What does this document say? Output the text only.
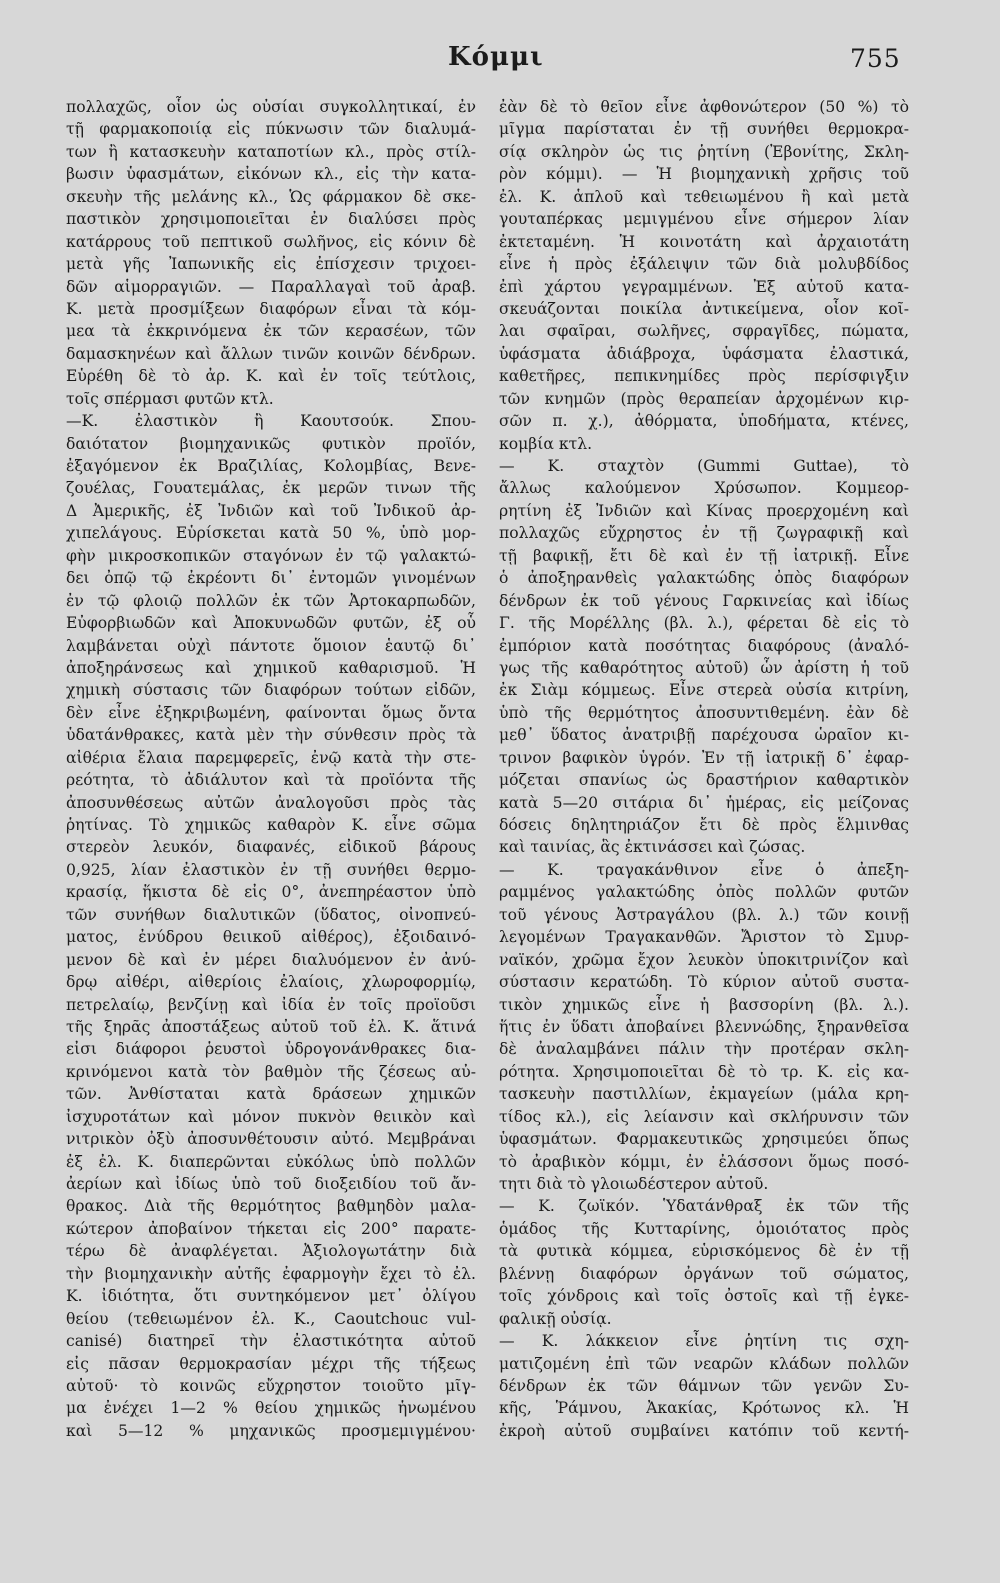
Κόμμι	755
πολλαχῶς, οἷον ὡς οὐσίαι συγκολλητικαί, ἐν
τῇ φαρμακοποιίᾳ εἰς πύκνωσιν τῶν διαλυμά-
των ἢ κατασκευὴν καταποτίων κλ., πρὸς στίλ-
βωσιν ὑφασμάτων, εἰκόνων κλ., εἰς τὴν κατα-
σκευὴν τῆς μελάνης κλ., Ὡς φάρμακον δὲ σκε-
παστικὸν χρησιμοποιεῖται ἐν διαλύσει πρὸς
κατάρρους τοῦ πεπτικοῦ σωλῆνος, εἰς κόνιν δὲ
μετὰ γῆς Ἰαπωνικῆς εἰς ἐπίσχεσιν τριχοει-
δῶν αἱμορραγιῶν. — Παραλλαγαὶ τοῦ ἀραβ.
Κ. μετὰ προσμίξεων διαφόρων εἶναι τὰ κόμ-
μεα τὰ ἐκκρινόμενα ἐκ τῶν κερασέων, τῶν
δαμασκηνέων καὶ ἄλλων τινῶν κοινῶν δένδρων.
Εὑρέθη δὲ τὸ ἀρ. Κ. καὶ ἐν τοῖς τεύτλοις,
τοῖς σπέρμασι φυτῶν κτλ.
—Κ. ἐλαστικὸν ἢ Καουτσούκ. Σπου-
δαιότατον βιομηχανικῶς φυτικὸν προϊόν,
ἐξαγόμενον ἐκ Βραζιλίας, Κολομβίας, Βενε-
ζουέλας, Γουατεμάλας, ἐκ μερῶν τινων τῆς
Δ Ἀμερικῆς, ἐξ Ἰνδιῶν καὶ τοῦ Ἰνδικοῦ ἀρ-
χιπελάγους. Εὑρίσκεται κατὰ 50 %, ὑπὸ μορ-
φὴν μικροσκοπικῶν σταγόνων ἐν τῷ γαλακτώ-
δει ὀπῷ τῷ ἐκρέοντι δι᾽ ἐντομῶν γινομένων
ἐν τῷ φλοιῷ πολλῶν ἐκ τῶν Ἀρτοκαρπωδῶν,
Εὐφορβιωδῶν καὶ Ἀποκυνωδῶν φυτῶν, ἐξ οὗ
λαμβάνεται οὐχὶ πάντοτε ὅμοιον ἑαυτῷ δι᾽
ἀποξηράνσεως καὶ χημικοῦ καθαρισμοῦ. Ἡ
χημικὴ σύστασις τῶν διαφόρων τούτων εἰδῶν,
δὲν εἶνε ἐξηκριβωμένη, φαίνονται ὅμως ὄντα
ὑδατάνθρακες, κατὰ μὲν τὴν σύνθεσιν πρὸς τὰ
αἰθέρια ἔλαια παρεμφερεῖς, ἐνῷ κατὰ τὴν στε-
ρεότητα, τὸ ἀδιάλυτον καὶ τὰ προϊόντα τῆς
ἀποσυνθέσεως αὐτῶν ἀναλογοῦσι πρὸς τὰς
ῥητίνας. Τὸ χημικῶς καθαρὸν Κ. εἶνε σῶμα
στερεὸν λευκόν, διαφανές, εἰδικοῦ βάρους
0,925, λίαν ἐλαστικὸν ἐν τῇ συνήθει θερμο-
κρασίᾳ, ἥκιστα δὲ εἰς 0°, ἀνεπηρέαστον ὑπὸ
τῶν συνήθων διαλυτικῶν (ὕδατος, οἰνοπνεύ-
ματος, ἐνύδρου θειικοῦ αἰθέρος), ἐξοιδαινό-
μενον δὲ καὶ ἐν μέρει διαλυόμενον ἐν ἀνύ-
δρῳ αἰθέρι, αἰθερίοις ἐλαίοις, χλωροφορμίῳ,
πετρελαίῳ, βενζίνῃ καὶ ἰδία ἐν τοῖς προϊοῦσι
τῆς ξηρᾶς ἀποστάξεως αὐτοῦ τοῦ ἐλ. Κ. ἅτινά
εἰσι διάφοροι ῥευστοὶ ὑδρογονάνθρακες δια-
κρινόμενοι κατὰ τὸν βαθμὸν τῆς ζέσεως αὐ-
τῶν. Ἀνθίσταται κατὰ δράσεων χημικῶν
ἰσχυροτάτων καὶ μόνον πυκνὸν θειικὸν καὶ
νιτρικὸν ὀξὺ ἀποσυνθέτουσιν αὐτό. Μεμβράναι
ἐξ ἐλ. Κ. διαπερῶνται εὐκόλως ὑπὸ πολλῶν
ἀερίων καὶ ἰδίως ὑπὸ τοῦ διοξειδίου τοῦ ἄν-
θρακος. Διὰ τῆς θερμότητος βαθμηδὸν μαλα-
κώτερον ἀποβαίνον τήκεται εἰς 200° παρατε-
τέρω δὲ ἀναφλέγεται. Ἀξιολογωτάτην διὰ
τὴν βιομηχανικὴν αὐτῆς ἐφαρμογὴν ἔχει τὸ ἐλ.
Κ. ἰδιότητα, ὅτι συντηκόμενον μετ᾽ ὀλίγου
θείου (τεθειωμένον ἐλ. Κ., Caoutchouc vul-
canisé) διατηρεῖ τὴν ἐλαστικότητα αὐτοῦ
εἰς πᾶσαν θερμοκρασίαν μέχρι τῆς τήξεως
αὐτοῦ· τὸ κοινῶς εὔχρηστον τοιοῦτο μῖγ-
μα ἐνέχει 1—2 % θείου χημικῶς ἡνωμένου
καὶ 5—12 % μηχανικῶς προσμεμιγμένου·
ἐὰν δὲ τὸ θεῖον εἶνε ἀφθονώτερον (50 %) τὸ
μῖγμα παρίσταται ἐν τῇ συνήθει θερμοκρα-
σίᾳ σκληρὸν ὡς τις ῥητίνη (Ἐβονίτης, Σκλη-
ρὸν κόμμι). — Ἡ βιομηχανικὴ χρῆσις τοῦ
ἐλ. Κ. ἁπλοῦ καὶ τεθειωμένου ἢ καὶ μετὰ
γουταπέρκας μεμιγμένου εἶνε σήμερον λίαν
ἐκτεταμένη. Ἡ κοινοτάτη καὶ ἀρχαιοτάτη
εἶνε ἡ πρὸς ἐξάλειψιν τῶν διὰ μολυβδίδος
ἐπὶ χάρτου γεγραμμένων. Ἐξ αὐτοῦ κατα-
σκευάζονται ποικίλα ἀντικείμενα, οἷον κοῖ-
λαι σφαῖραι, σωλῆνες, σφραγῖδες, πώματα,
ὑφάσματα ἀδιάβροχα, ὑφάσματα ἐλαστικά,
καθετῆρες, πεπικνημίδες πρὸς περίσφιγξιν
τῶν κνημῶν (πρὸς θεραπείαν ἀρχομένων κιρ-
σῶν π. χ.), ἀθόρματα, ὑποδήματα, κτένες,
κομβία κτλ.
— Κ. σταχτὸν (Gummi Guttae), τὸ
ἄλλως καλούμενον Χρύσωπον. Κομμεορ-
ρητίνη ἐξ Ἰνδιῶν καὶ Κίνας προερχομένη καὶ
πολλαχῶς εὔχρηστος ἐν τῇ ζωγραφικῇ καὶ
τῇ βαφικῇ, ἔτι δὲ καὶ ἐν τῇ ἰατρικῇ. Εἶνε
ὁ ἀποξηρανθεὶς γαλακτώδης ὀπὸς διαφόρων
δένδρων ἐκ τοῦ γένους Γαρκινείας καὶ ἰδίως
Γ. τῆς Μορέλλης (βλ. λ.), φέρεται δὲ εἰς τὸ
ἐμπόριον κατὰ ποσότητας διαφόρους (ἀναλό-
γως τῆς καθαρότητος αὐτοῦ) ὧν ἀρίστη ἡ τοῦ
ἐκ Σιὰμ κόμμεως. Εἶνε στερεὰ οὐσία κιτρίνη,
ὑπὸ τῆς θερμότητος ἀποσυντιθεμένη. ἐὰν δὲ
μεθ᾽ ὕδατος ἀνατριβῇ παρέχουσα ὡραῖον κι-
τρινον βαφικὸν ὑγρόν. Ἐν τῇ ἰατρικῇ δ᾽ ἐφαρ-
μόζεται σπανίως ὡς δραστήριον καθαρτικὸν
κατὰ 5—20 σιτάρια δι᾽ ἡμέρας, εἰς μείζονας
δόσεις δηλητηριάζον ἔτι δὲ πρὸς ἕλμινθας
καὶ ταινίας, ἃς ἐκτινάσσει καὶ ζώσας.
— Κ. τραγακάνθινον εἶνε ὁ ἀπεξη-
ραμμένος γαλακτώδης ὀπὸς πολλῶν φυτῶν
τοῦ γένους Ἀστραγάλου (βλ. λ.) τῶν κοινῇ
λεγομένων Τραγακανθῶν. Ἄριστον τὸ Σμυρ-
ναϊκόν, χρῶμα ἔχον λευκὸν ὑποκιτρινίζον καὶ
σύστασιν κερατώδη. Τὸ κύριον αὐτοῦ συστα-
τικὸν χημικῶς εἶνε ἡ βασσορίνη (βλ. λ.).
ἥτις ἐν ὕδατι ἀποβαίνει βλεννώδης, ξηρανθεῖσα
δὲ ἀναλαμβάνει πάλιν τὴν προτέραν σκλη-
ρότητα. Χρησιμοποιεῖται δὲ τὸ τρ. Κ. εἰς κα-
τασκευὴν παστιλλίων, ἐκμαγείων (μάλα κρη-
τίδος κλ.), εἰς λείανσιν καὶ σκλήρυνσιν τῶν
ὑφασμάτων. Φαρμακευτικῶς χρησιμεύει ὅπως
τὸ ἀραβικὸν κόμμι, ἐν ἐλάσσονι ὅμως ποσό-
τητι διὰ τὸ γλοιωδέστερον αὐτοῦ.
— Κ. ζωϊκόν. Ὑδατάνθραξ ἐκ τῶν τῆς
ὁμάδος τῆς Κυτταρίνης, ὁμοιότατος πρὸς
τὰ φυτικὰ κόμμεα, εὑρισκόμενος δὲ ἐν τῇ
βλέννῃ διαφόρων ὀργάνων τοῦ σώματος,
τοῖς χόνδροις καὶ τοῖς ὀστοῖς καὶ τῇ ἐγκε-
φαλικῇ οὐσίᾳ.
— Κ. λάκκειον εἶνε ῥητίνη τις σχη-
ματιζομένη ἐπὶ τῶν νεαρῶν κλάδων πολλῶν
δένδρων ἐκ τῶν θάμνων τῶν γενῶν Συ-
κῆς, Ῥάμνου, Ἀκακίας, Κρότωνος κλ. Ἡ
ἐκροὴ αὐτοῦ συμβαίνει κατόπιν τοῦ κεντή-
